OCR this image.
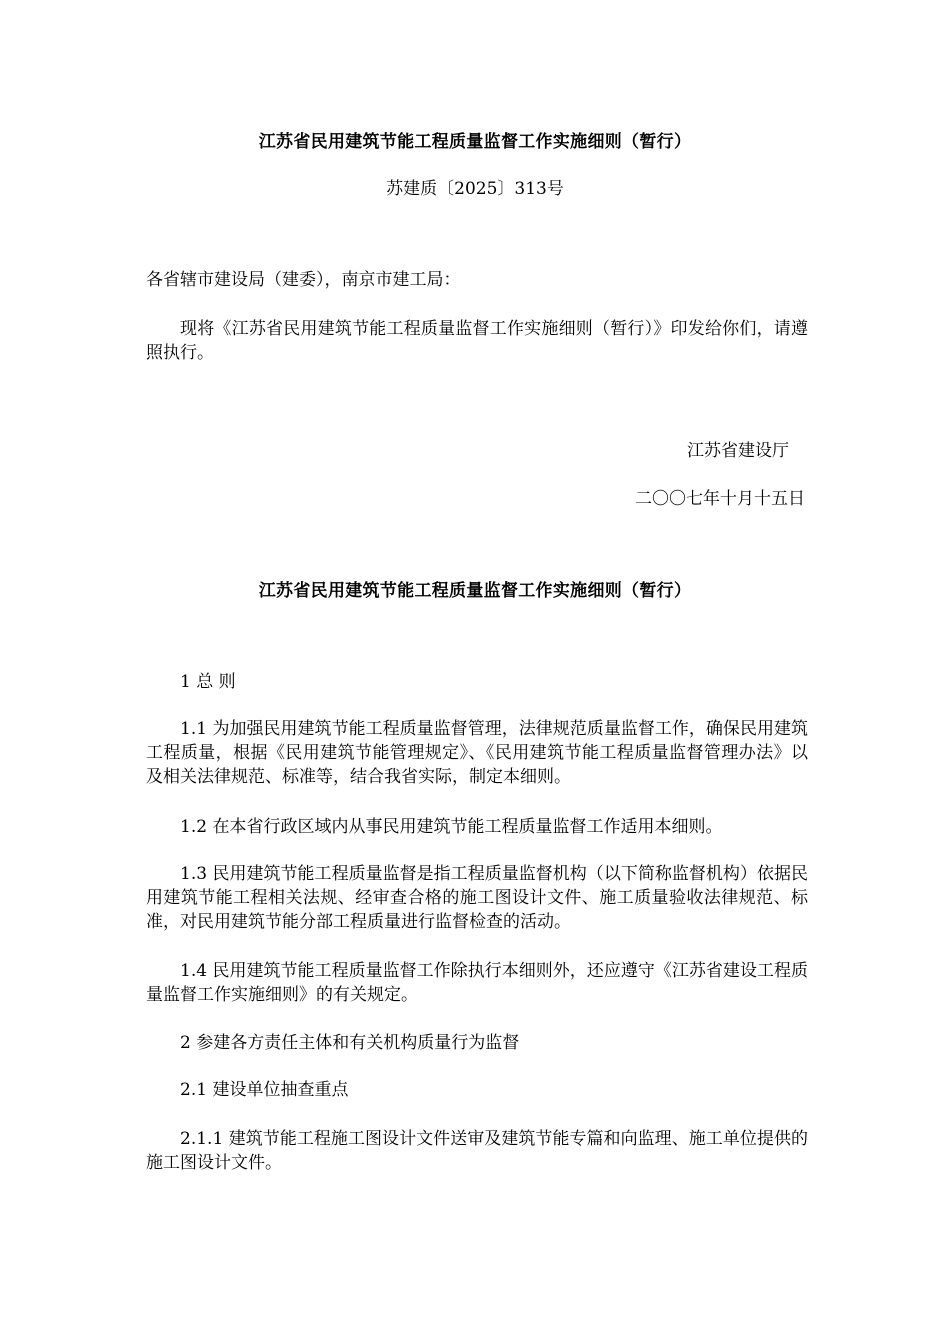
江苏省民用建筑节能工程质量监督工作实施细则（暂行）
苏建质〔2025〕313号
各省辖市建设局（建委），南京市建工局：
现将《江苏省民用建筑节能工程质量监督工作实施细则（暂行）》印发给你们，请遵照执行。
江苏省建设厅
二〇〇七年十月十五日
江苏省民用建筑节能工程质量监督工作实施细则（暂行）
1 总 则
1.1 为加强民用建筑节能工程质量监督管理，法律规范质量监督工作，确保民用建筑工程质量，根据《民用建筑节能管理规定》、《民用建筑节能工程质量监督管理办法》以及相关法律规范、标准等，结合我省实际，制定本细则。
1.2 在本省行政区域内从事民用建筑节能工程质量监督工作适用本细则。
1.3 民用建筑节能工程质量监督是指工程质量监督机构（以下简称监督机构）依据民用建筑节能工程相关法规、经审查合格的施工图设计文件、施工质量验收法律规范、标准，对民用建筑节能分部工程质量进行监督检查的活动。
1.4 民用建筑节能工程质量监督工作除执行本细则外，还应遵守《江苏省建设工程质量监督工作实施细则》的有关规定。
2 参建各方责任主体和有关机构质量行为监督
2.1 建设单位抽查重点
2.1.1 建筑节能工程施工图设计文件送审及建筑节能专篇和向监理、施工单位提供的施工图设计文件。
